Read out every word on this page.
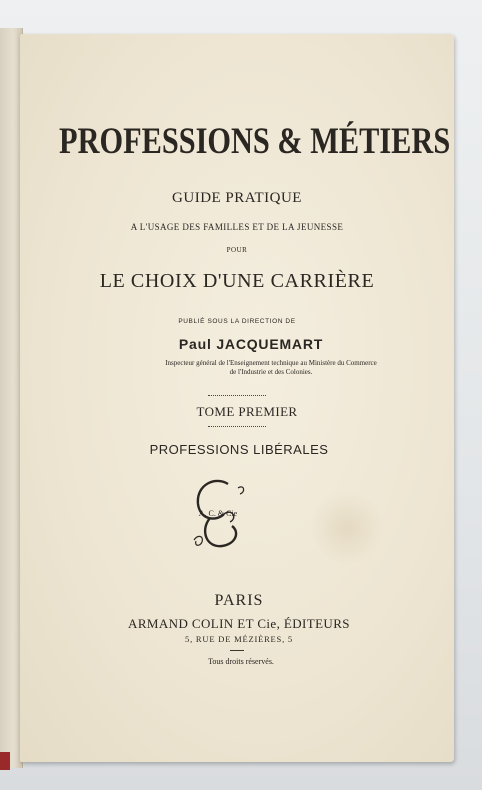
PROFESSIONS & MÉTIERS
GUIDE PRATIQUE
A L'USAGE DES FAMILLES ET DE LA JEUNESSE
POUR
LE CHOIX D'UNE CARRIÈRE
PUBLIÉ SOUS LA DIRECTION DE
Paul JACQUEMART
Inspecteur général de l'Enseignement technique au Ministère du Commerce
de l'Industrie et des Colonies.
TOME PREMIER
PROFESSIONS LIBÉRALES
A. C. & Cie
PARIS
ARMAND COLIN ET Cie, ÉDITEURS
5, RUE DE MÉZIÈRES, 5
Tous droits réservés.
